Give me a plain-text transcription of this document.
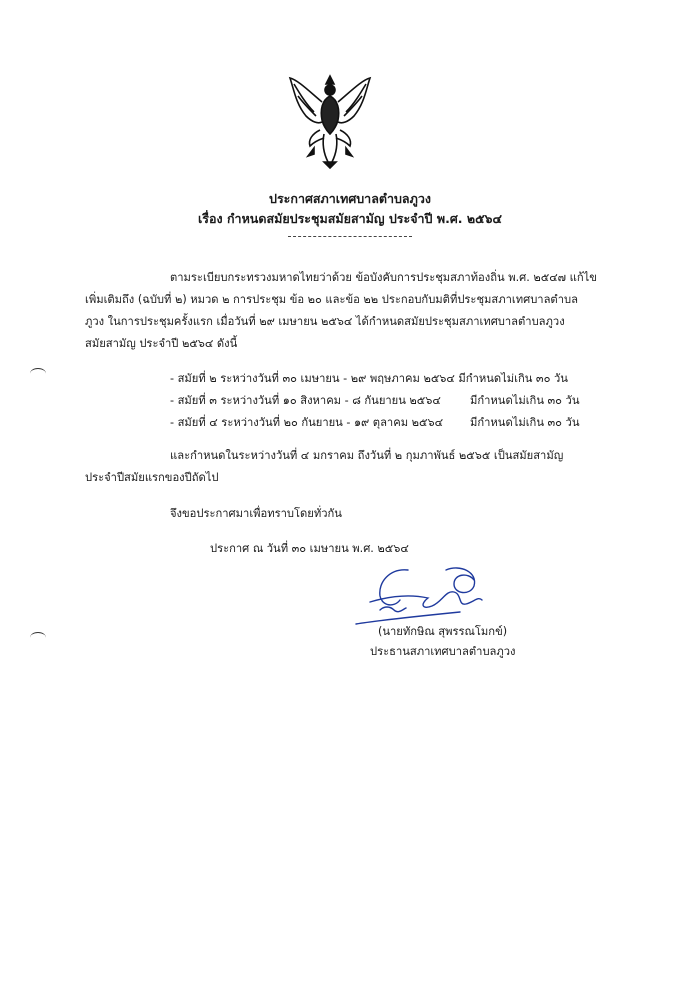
ประกาศสภาเทศบาลตำบลภูวง
เรื่อง กำหนดสมัยประชุมสมัยสามัญ ประจำปี พ.ศ. ๒๕๖๔
ตามระเบียบกระทรวงมหาดไทยว่าด้วย ข้อบังคับการประชุมสภาท้องถิ่น พ.ศ. ๒๕๔๗ แก้ไข
เพิ่มเติมถึง (ฉบับที่ ๒) หมวด ๒ การประชุม ข้อ ๒๐ และข้อ ๒๒ ประกอบกับมติที่ประชุมสภาเทศบาลตำบล
ภูวง ในการประชุมครั้งแรก เมื่อวันที่ ๒๙ เมษายน ๒๕๖๔ ได้กำหนดสมัยประชุมสภาเทศบาลตำบลภูวง
สมัยสามัญ ประจำปี ๒๕๖๔ ดังนี้
- สมัยที่ ๒ ระหว่างวันที่ ๓๐ เมษายน - ๒๙ พฤษภาคม ๒๕๖๔ มีกำหนดไม่เกิน ๓๐ วัน
- สมัยที่ ๓ ระหว่างวันที่ ๑๐ สิงหาคม - ๘ กันยายน ๒๕๖๔	มีกำหนดไม่เกิน ๓๐ วัน
- สมัยที่ ๔ ระหว่างวันที่ ๒๐ กันยายน - ๑๙ ตุลาคม ๒๕๖๔ มีกำหนดไม่เกิน ๓๐ วัน
และกำหนดในระหว่างวันที่ ๔ มกราคม ถึงวันที่ ๒ กุมภาพันธ์ ๒๕๖๕ เป็นสมัยสามัญ
ประจำปีสมัยแรกของปีถัดไป
จึงขอประกาศมาเพื่อทราบโดยทั่วกัน
ประกาศ ณ วันที่ ๓๐ เมษายน พ.ศ. ๒๕๖๔
(นายทักษิณ สุพรรณโมกข์)
ประธานสภาเทศบาลตำบลภูวง
